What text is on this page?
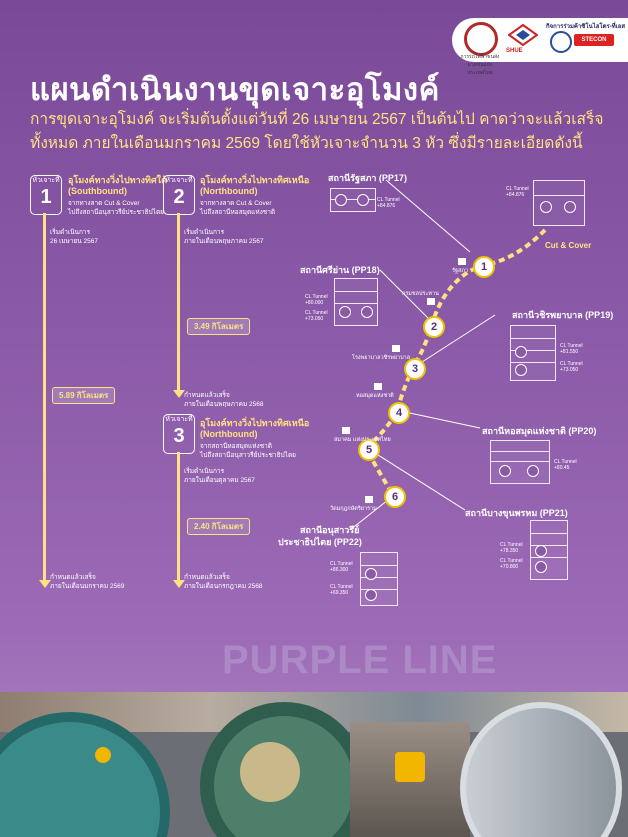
การรถไฟฟ้าขนส่งมวลชนแห่งประเทศไทย
SHUE
กิจการร่วมค้าซิโนไฮโดร-ที่เอส
STECON
แผนดำเนินงานขุดเจาะอุโมงค์
การขุดเจาะอุโมงค์ จะเริ่มต้นตั้งแต่วันที่ 26 เมษายน 2567 เป็นต้นไป คาดว่าจะแล้วเสร็จทั้งหมด ภายในเดือนมกราคม 2569 โดยใช้หัวเจาะจำนวน 3 หัว ซึ่งมีรายละเอียดดังนี้
หัวเจาะที่
1
อุโมงค์ทางวิ่งไปทางทิศใต้
(Southbound)
จากทางลาด Cut & Cover
ไปถึงสถานีอนุสาวรีย์ประชาธิปไตย
เริ่มดำเนินการ
26 เมษายน 2567
5.89 กิโลเมตร
กำหนดแล้วเสร็จ
ภายในเดือนมกราคม 2569
หัวเจาะที่
2
อุโมงค์ทางวิ่งไปทางทิศเหนือ
(Northbound)
จากทางลาด Cut & Cover
ไปถึงสถานีหอสมุดแห่งชาติ
เริ่มดำเนินการ
ภายในเดือนพฤษภาคม 2567
3.49 กิโลเมตร
กำหนดแล้วเสร็จ
ภายในเดือนพฤษภาคม 2568
หัวเจาะที่
3
อุโมงค์ทางวิ่งไปทางทิศเหนือ
(Northbound)
จากสถานีหอสมุดแห่งชาติ
ไปถึงสถานีอนุสาวรีย์ประชาธิปไตย
เริ่มดำเนินการ
ภายในเดือนตุลาคม 2567
2.40 กิโลเมตร
กำหนดแล้วเสร็จ
ภายในเดือนกรกฎาคม 2568
1
2
3
4
5
6
Cut & Cover
รัฐสภา
กรมชลประทาน
โรงพยาบาลวชิรพยาบาล
หอสมุดแห่งชาติ
สมาคม แห่งประเทศไทย
วัดมกุฎกษัตริยาราม
สถานีรัฐสภา (PP17)
CL Tunnel
+84.876
CL Tunnel
+84.876
สถานีศรีย่าน (PP18)
CL Tunnel
+80.000
CL Tunnel
+73.050	สถานีวชิรพยาบาล (PP19)
CL Tunnel
+81.550
CL Tunnel
+73.050
สถานีหอสมุดแห่งชาติ (PP20)
CL Tunnel
+80.45
สถานีบางขุนพรหม (PP21)
CL Tunnel
+78.350
CL Tunnel
+70.800
สถานีอนุสาวรีย์
ประชาธิปไตย (PP22)
CL Tunnel
+86.300
CL Tunnel
+69.350
PURPLE LINE
